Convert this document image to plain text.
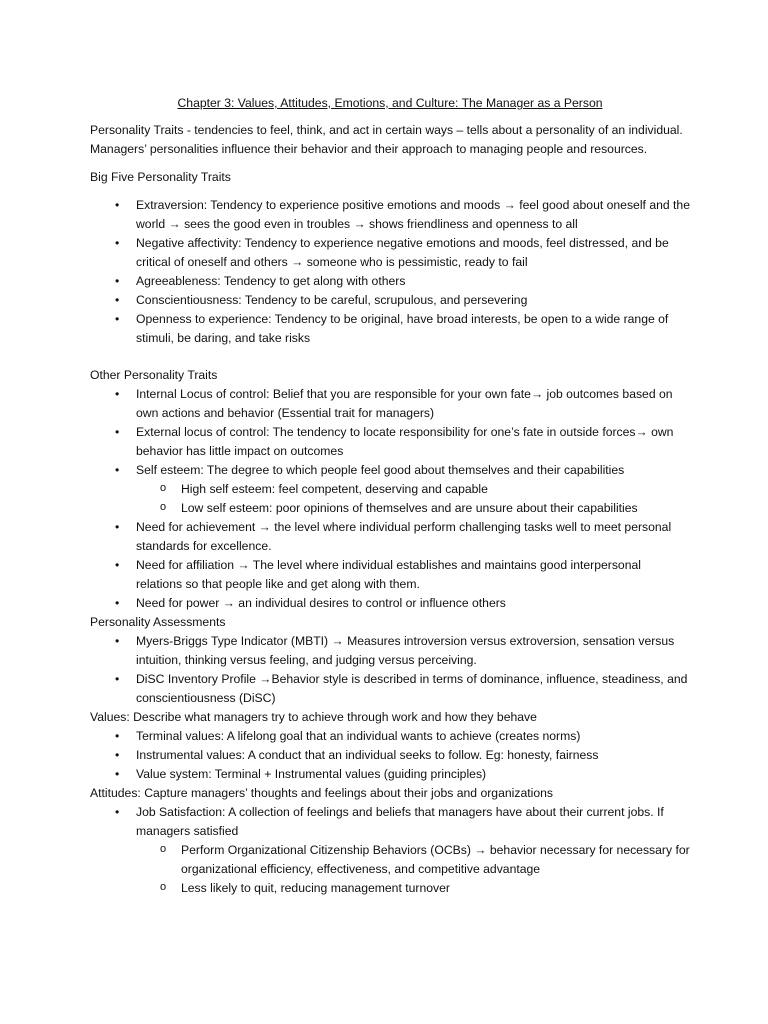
Chapter 3: Values, Attitudes, Emotions, and Culture: The Manager as a Person

Personality Traits - tendencies to feel, think, and act in certain ways – tells about a personality of an individual. Managers’ personalities influence their behavior and their approach to managing people and resources.

Big Five Personality Traits

• Extraversion: Tendency to experience positive emotions and moods → feel good about oneself and the world → sees the good even in troubles → shows friendliness and openness to all
• Negative affectivity: Tendency to experience negative emotions and moods, feel distressed, and be critical of oneself and others → someone who is pessimistic, ready to fail
• Agreeableness: Tendency to get along with others
• Conscientiousness: Tendency to be careful, scrupulous, and persevering
• Openness to experience: Tendency to be original, have broad interests, be open to a wide range of stimuli, be daring, and take risks

Other Personality Traits

• Internal Locus of control: Belief that you are responsible for your own fate→ job outcomes based on own actions and behavior (Essential trait for managers)
• External locus of control: The tendency to locate responsibility for one’s fate in outside forces→ own behavior has little impact on outcomes
• Self esteem: The degree to which people feel good about themselves and their capabilities
o High self esteem: feel competent, deserving and capable
o Low self esteem: poor opinions of themselves and are unsure about their capabilities
• Need for achievement → the level where individual perform challenging tasks well to meet personal standards for excellence.
• Need for affiliation → The level where individual establishes and maintains good interpersonal relations so that people like and get along with them.
• Need for power → an individual desires to control or influence others

Personality Assessments

• Myers-Briggs Type Indicator (MBTI) → Measures introversion versus extroversion, sensation versus intuition, thinking versus feeling, and judging versus perceiving.
• DiSC Inventory Profile →Behavior style is described in terms of dominance, influence, steadiness, and conscientiousness (DiSC)

Values: Describe what managers try to achieve through work and how they behave

• Terminal values: A lifelong goal that an individual wants to achieve (creates norms)
• Instrumental values: A conduct that an individual seeks to follow. Eg: honesty, fairness
• Value system: Terminal + Instrumental values (guiding principles)

Attitudes: Capture managers’ thoughts and feelings about their jobs and organizations

• Job Satisfaction: A collection of feelings and beliefs that managers have about their current jobs. If managers satisfied
o Perform Organizational Citizenship Behaviors (OCBs) → behavior necessary for necessary for organizational efficiency, effectiveness, and competitive advantage
o Less likely to quit, reducing management turnover
